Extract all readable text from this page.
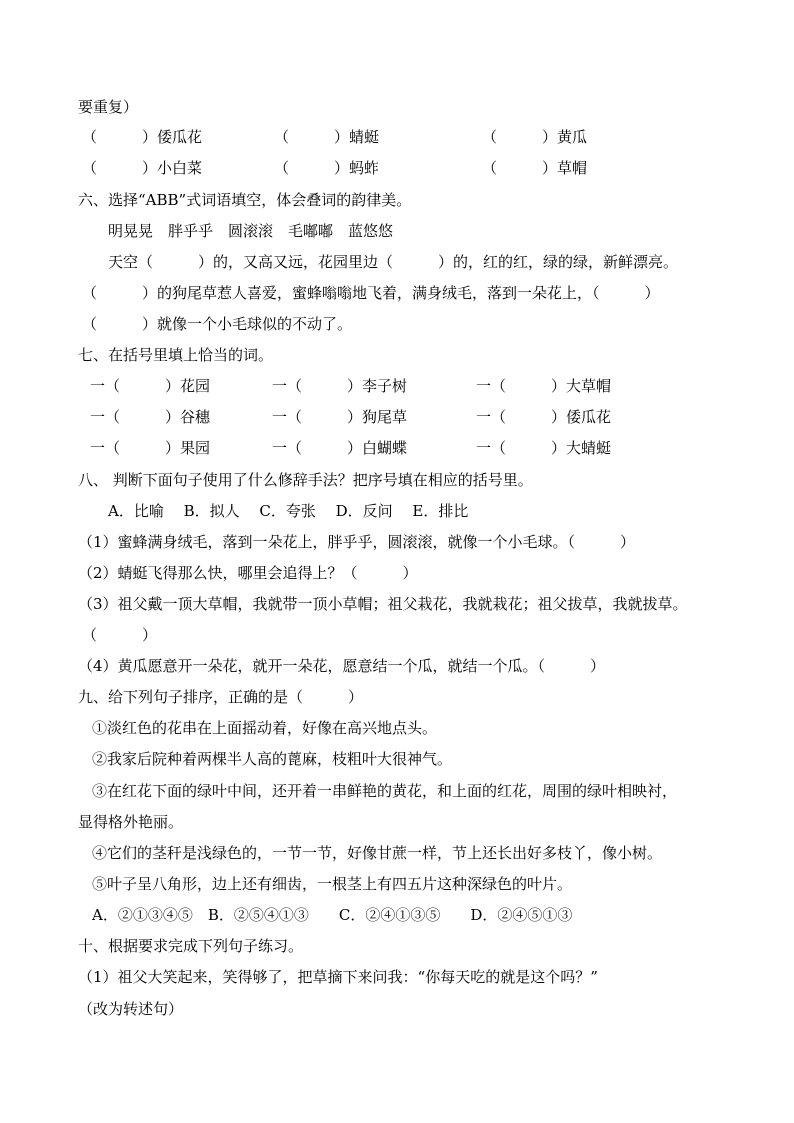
要重复）
（　　　）倭瓜花	（　　　）蜻蜓	（　　　）黄瓜
（　　　）小白菜	（　　　）蚂蚱	（　　　）草帽
六、选择“ABB”式词语填空，体会叠词的韵律美。
明晃晃　胖乎乎　圆滚滚　毛嘟嘟　蓝悠悠
天空（　　　）的，又高又远，花园里边（　　　）的，红的红，绿的绿，新鲜漂亮。
（　　　）的狗尾草惹人喜爱，蜜蜂嗡嗡地飞着，满身绒毛，落到一朵花上，（　　　）
（　　　）就像一个小毛球似的不动了。
七、在括号里填上恰当的词。
一（　　　）花园	一（　　　）李子树	一（　　　）大草帽
一（　　　）谷穗	一（　　　）狗尾草	一（　　　）倭瓜花
一（　　　）果园	一（　　　）白蝴蝶	一（　　　）大蜻蜓
八、 判断下面句子使用了什么修辞手法？把序号填在相应的括号里。
A．比喻　 B．拟人　 C．夸张　 D．反问　 E．排比
（1）蜜蜂满身绒毛，落到一朵花上，胖乎乎，圆滚滚，就像一个小毛球。（　　　）
（2）蜻蜓飞得那么快，哪里会追得上？（　　　）
（3）祖父戴一顶大草帽，我就带一顶小草帽；祖父栽花，我就栽花；祖父拔草，我就拔草。
（　　　）
（4）黄瓜愿意开一朵花，就开一朵花，愿意结一个瓜，就结一个瓜。（　　　）
九、给下列句子排序，正确的是（　　　）
①淡红色的花串在上面摇动着，好像在高兴地点头。
②我家后院种着两棵半人高的蓖麻，枝粗叶大很神气。
③在红花下面的绿叶中间，还开着一串鲜艳的黄花，和上面的红花，周围的绿叶相映衬，
显得格外艳丽。
④它们的茎秆是浅绿色的，一节一节，好像甘蔗一样，节上还长出好多枝丫，像小树。
⑤叶子呈八角形，边上还有细齿，一根茎上有四五片这种深绿色的叶片。
A．②①③④⑤　B．②⑤④①③　　C．②④①③⑤　　D．②④⑤①③
十、根据要求完成下列句子练习。
（1）祖父大笑起来，笑得够了，把草摘下来问我：“你每天吃的就是这个吗？”
（改为转述句）
